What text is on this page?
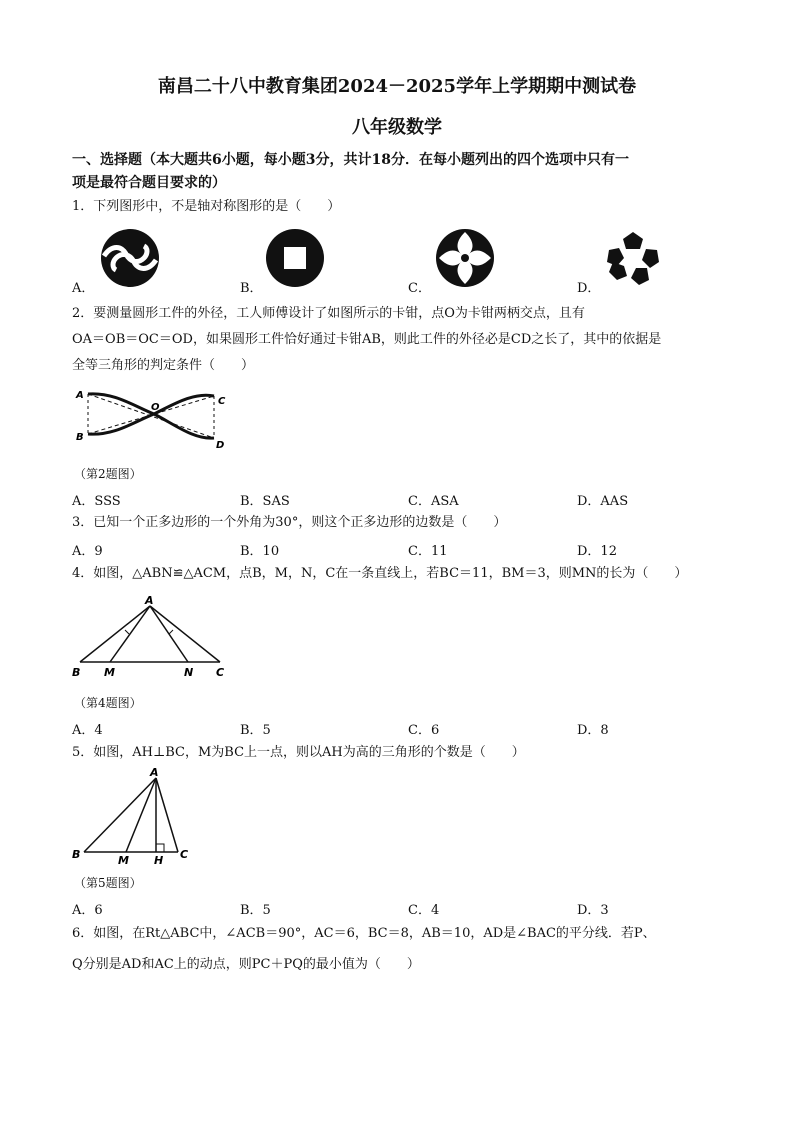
南昌二十八中教育集团2024－2025学年上学期期中测试卷
八年级数学
一、选择题（本大题共6小题，每小题3分，共计18分．在每小题列出的四个选项中只有一
项是最符合题目要求的）
1．下列图形中，不是轴对称图形的是（　　）
A．	B．	C．	D．
2．要测量圆形工件的外径，工人师傅设计了如图所示的卡钳，点O为卡钳两柄交点，且有
OA＝OB＝OC＝OD，如果圆形工件恰好通过卡钳AB，则此工件的外径必是CD之长了，其中的依据是
全等三角形的判定条件（　　）
A
B
O
C
D
（第2题图）
A．SSS	B．SAS	C．ASA	D．AAS
3．已知一个正多边形的一个外角为30°，则这个正多边形的边数是（　　）
A．9	B．10	C．11	D．12
4．如图，△ABN≌△ACM，点B，M，N，C在一条直线上，若BC＝11，BM＝3，则MN的长为（　　）
A
B M	N C
（第4题图）
A．4	B．5	C．6	D．8
5．如图，AH⊥BC，M为BC上一点，则以AH为高的三角形的个数是（　　）
A
B	M H C
（第5题图）
A．6	B．5	C．4	D．3
6．如图，在Rt△ABC中，∠ACB＝90°，AC＝6，BC＝8，AB＝10，AD是∠BAC的平分线．若P、
Q分别是AD和AC上的动点，则PC＋PQ的最小值为（　　）
